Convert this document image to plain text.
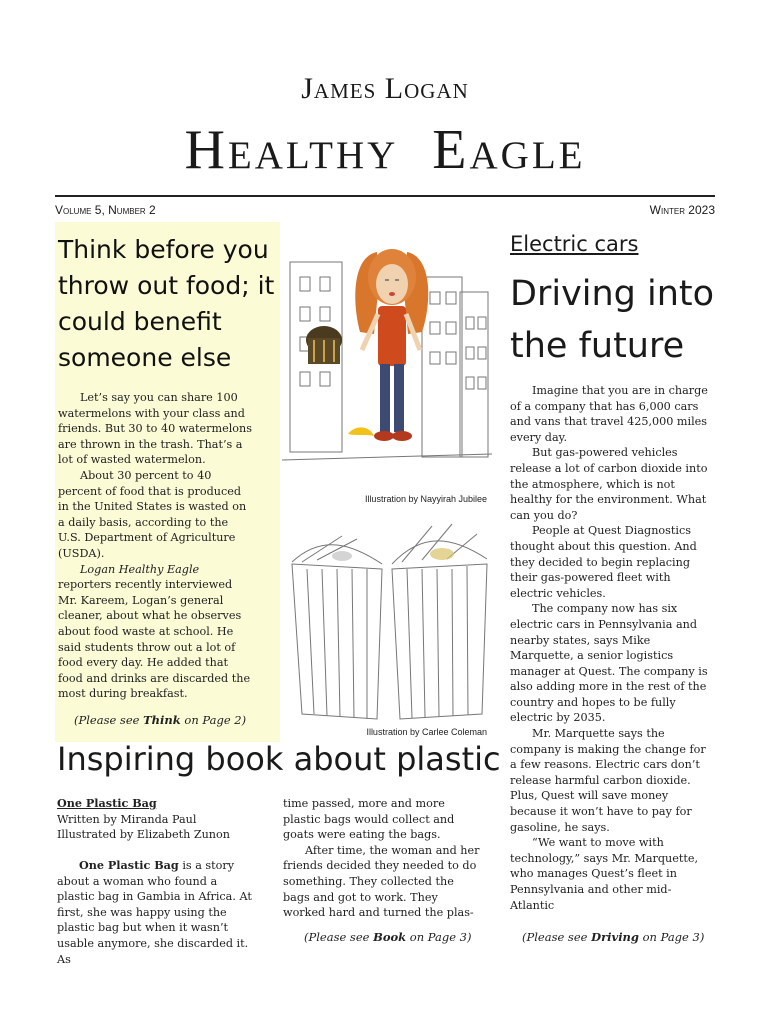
James Logan
Healthy  Eagle
Volume 5, Number 2	Winter 2023
Think before you throw out food; it could benefit someone else

Let’s say you can share 100 watermelons with your class and friends. But 30 to 40 watermelons are thrown in the trash. That’s a lot of wasted watermelon.

About 30 percent to 40 percent of food that is produced in the United States is wasted on a daily basis, according to the U.S. Department of Agriculture (USDA).

Logan Healthy Eagle reporters recently interviewed Mr. Kareem, Logan’s general cleaner, about what he observes about food waste at school. He said students throw out a lot of food every day. He added that food and drinks are discarded the most during breakfast.

(Please see Think on Page 2)
Illustration by Nayyirah Jubilee
Illustration by Carlee Coleman
Electric cars
Driving into the future

Imagine that you are in charge of a company that has 6,000 cars and vans that travel 425,000 miles every day.

But gas-powered vehicles release a lot of carbon dioxide into the atmosphere, which is not healthy for the environment. What can you do?

People at Quest Diagnostics thought about this question. And they decided to begin replacing their gas-powered fleet with electric vehicles.

The company now has six electric cars in Pennsylvania and nearby states, says Mike Marquette, a senior logistics manager at Quest. The company is also adding more in the rest of the country and hopes to be fully electric by 2035.

Mr. Marquette says the company is making the change for a few reasons. Electric cars don’t release harmful carbon dioxide. Plus, Quest will save money because it won’t have to pay for gasoline, he says.

“We want to move with technology,” says Mr. Marquette, who manages Quest’s fleet in Pennsylvania and other mid-Atlantic

(Please see Driving on Page 3)
Inspiring book about plastic
One Plastic Bag
Written by Miranda Paul
Illustrated by Elizabeth Zunon

One Plastic Bag is a story about a woman who found a plastic bag in Gambia in Africa. At first, she was happy using the plastic bag but when it wasn’t usable anymore, she discarded it. As

time passed, more and more plastic bags would collect and goats were eating the bags.

After time, the woman and her friends decided they needed to do something. They collected the bags and got to work. They worked hard and turned the plas-

(Please see Book on Page 3)
